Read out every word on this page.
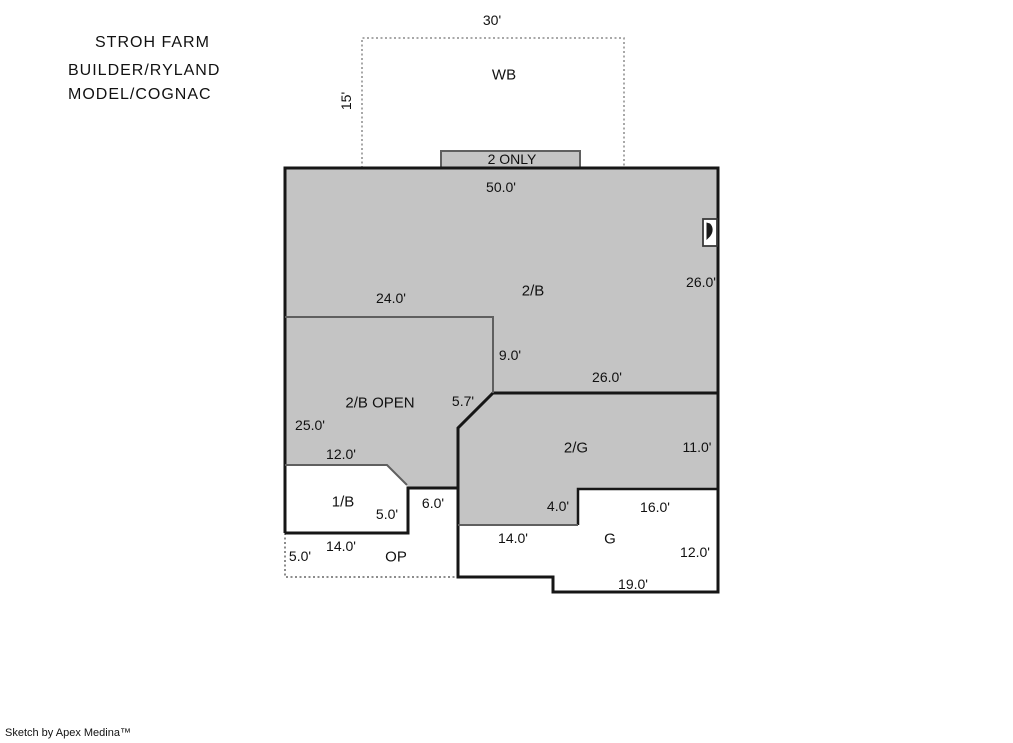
STROH FARM
BUILDER/RYLAND
MODEL/COGNAC
30'
15'
WB
2 ONLY
50.0'
26.0'
2/B
24.0'
9.0'
26.0'
5.7'
2/B OPEN
25.0'
12.0'	2/G	11.0'
4.0'
1/B
5.0'
6.0'	16.0'
14.0'	G
12.0'
19.0'
5.0'
14.0'
OP
Sketch by Apex Medina™
